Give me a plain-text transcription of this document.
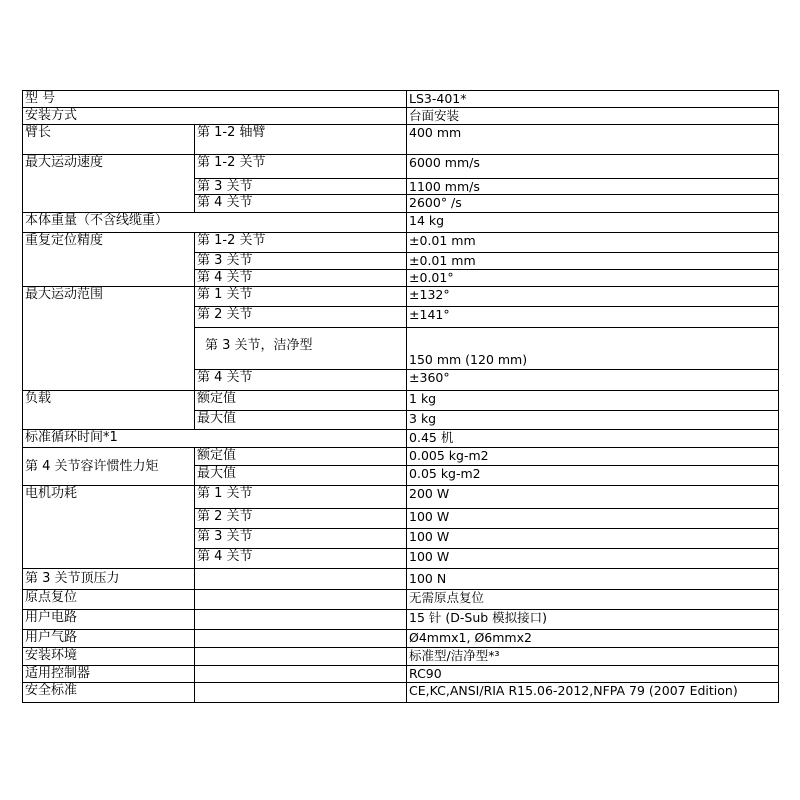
型 号		LS3-401*
安装方式		台面安装
臂长	第 1-2 轴臂	400 mm
最大运动速度	第 1-2 关节	6000 mm/s
	第 3 关节	1100 mm/s
	第 4 关节	2600° /s
本体重量（不含线缆重）		14 kg
重复定位精度	第 1-2 关节	±0.01 mm
	第 3 关节	±0.01 mm
	第 4 关节	±0.01°
最大运动范围	第 1 关节	±132°
	第 2 关节	±141°
	第 3 关节，洁净型	150 mm (120 mm)
	第 4 关节	±360°
负载	额定值	1 kg
	最大值	3 kg
标准循环时间*1		0.45 机
第 4 关节容许惯性力矩	额定值	0.005 kg-m2
	最大值	0.05 kg-m2
电机功耗	第 1 关节	200 W
	第 2 关节	100 W
	第 3 关节	100 W
	第 4 关节	100 W
第 3 关节顶压力		100 N
原点复位		无需原点复位
用户电路		15 针 (D-Sub 模拟接口)
用户气路		Ø4mmx1, Ø6mmx2
安装环境		标准型/洁净型*³
适用控制器		RC90
安全标准		CE,KC,ANSI/RIA R15.06-2012,NFPA 79 (2007 Edition)
